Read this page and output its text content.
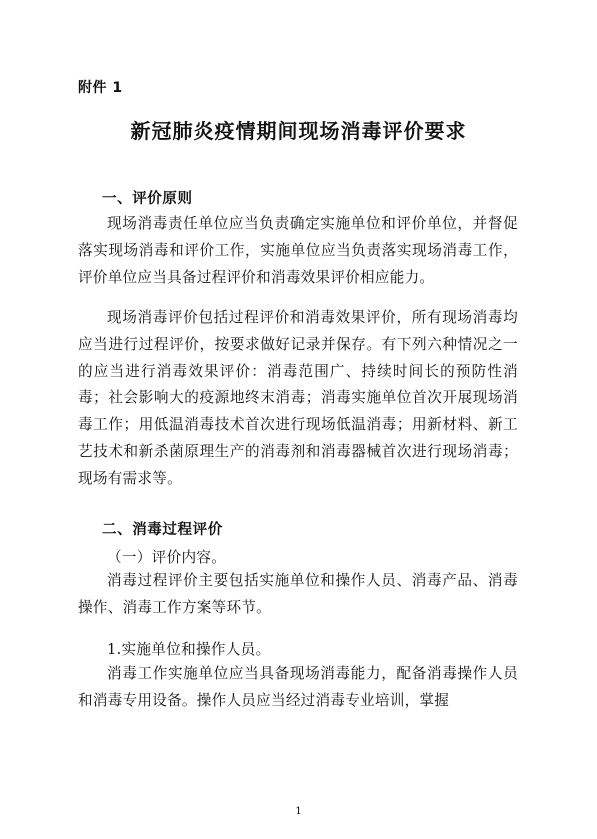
附件 1
新冠肺炎疫情期间现场消毒评价要求
一、评价原则
现场消毒责任单位应当负责确定实施单位和评价单位，并督促落实现场消毒和评价工作，实施单位应当负责落实现场消毒工作，评价单位应当具备过程评价和消毒效果评价相应能力。
现场消毒评价包括过程评价和消毒效果评价，所有现场消毒均应当进行过程评价，按要求做好记录并保存。有下列六种情况之一的应当进行消毒效果评价：消毒范围广、持续时间长的预防性消毒；社会影响大的疫源地终末消毒；消毒实施单位首次开展现场消毒工作；用低温消毒技术首次进行现场低温消毒；用新材料、新工艺技术和新杀菌原理生产的消毒剂和消毒器械首次进行现场消毒；现场有需求等。
二、消毒过程评价
（一）评价内容。
消毒过程评价主要包括实施单位和操作人员、消毒产品、消毒操作、消毒工作方案等环节。
1.实施单位和操作人员。
消毒工作实施单位应当具备现场消毒能力，配备消毒操作人员和消毒专用设备。操作人员应当经过消毒专业培训，掌握
1
